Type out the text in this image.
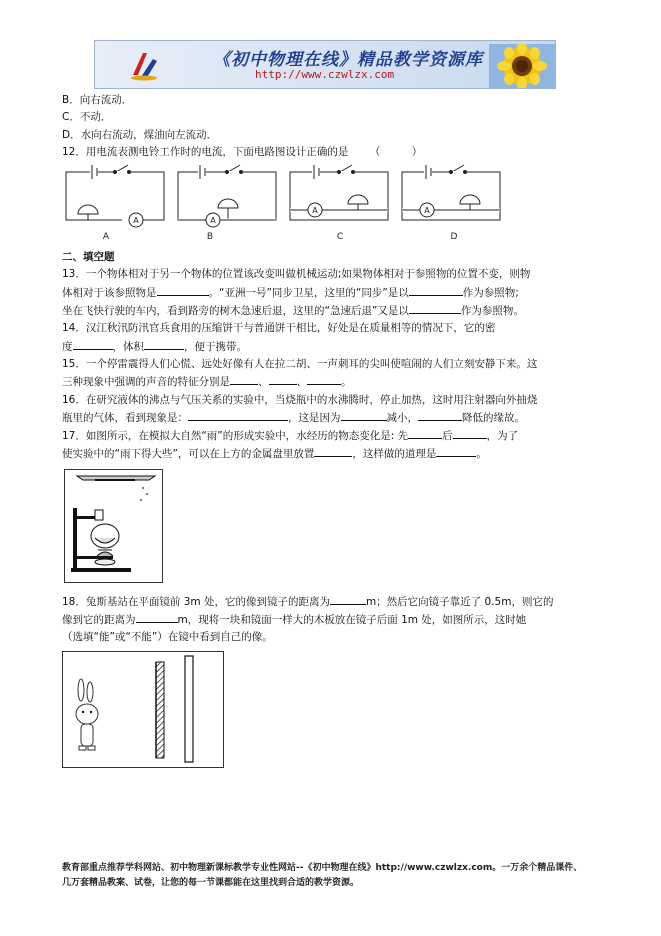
《初中物理在线》精品教学资源库
http://www.czwlzx.com
B．向右流动．
C．不动．
D．水向右流动，煤油向左流动．
12．用电流表测电铃工作时的电流，下面电路图设计正确的是 （　　　）
A	A
A	A
A	B	C	D
二、填空题
13．一个物体相对于另一个物体的位置该改变叫做机械运动;如果物体相对于参照物的位置不变，则物
体相对于该参照物是	。“亚洲一号”同步卫星，这里的“同步”是以	作为参照物;
坐在飞快行驶的车内，看到路旁的树木急速后退，这里的“急速后退”又是以	作为参照物。
14．汉江秋汛防汛官兵食用的压缩饼干与普通饼干相比，好处是在质量相等的情况下，它的密
度	，体积	，便于携带。
15．一个停雷震得人们心慌、远处好像有人在拉二胡、一声刺耳的尖叫使喧闹的人们立刻安静下来。这
三种现象中强调的声音的特征分别是	、	、	。
16．在研究液体的沸点与气压关系的实验中，当烧瓶中的水沸腾时，停止加热，这时用注射器向外抽烧
瓶里的气体，看到现象是：	，这是因为	减小，	降低的缘故。
17．如图所示，在模拟大自然“雨”的形成实验中，水经历的物态变化是: 先	后	，为了
使实验中的“雨下得大些”，可以在上方的金属盘里放置	，这样做的道理是	。
18．兔斯基站在平面镜前 3m 处，它的像到镜子的距离为	m；然后它向镜子靠近了 0.5m，则它的
像到它的距离为	m，现将一块和镜面一样大的木板放在镜子后面 1m 处，如图所示，这时她
（选填“能”或“不能”）在镜中看到自己的像。
教育部重点推荐学科网站、初中物理新课标教学专业性网站--《初中物理在线》http://www.czwlzx.com。一万余个精品课件、
几万套精品教案、试卷，让您的每一节课都能在这里找到合适的教学资源。
